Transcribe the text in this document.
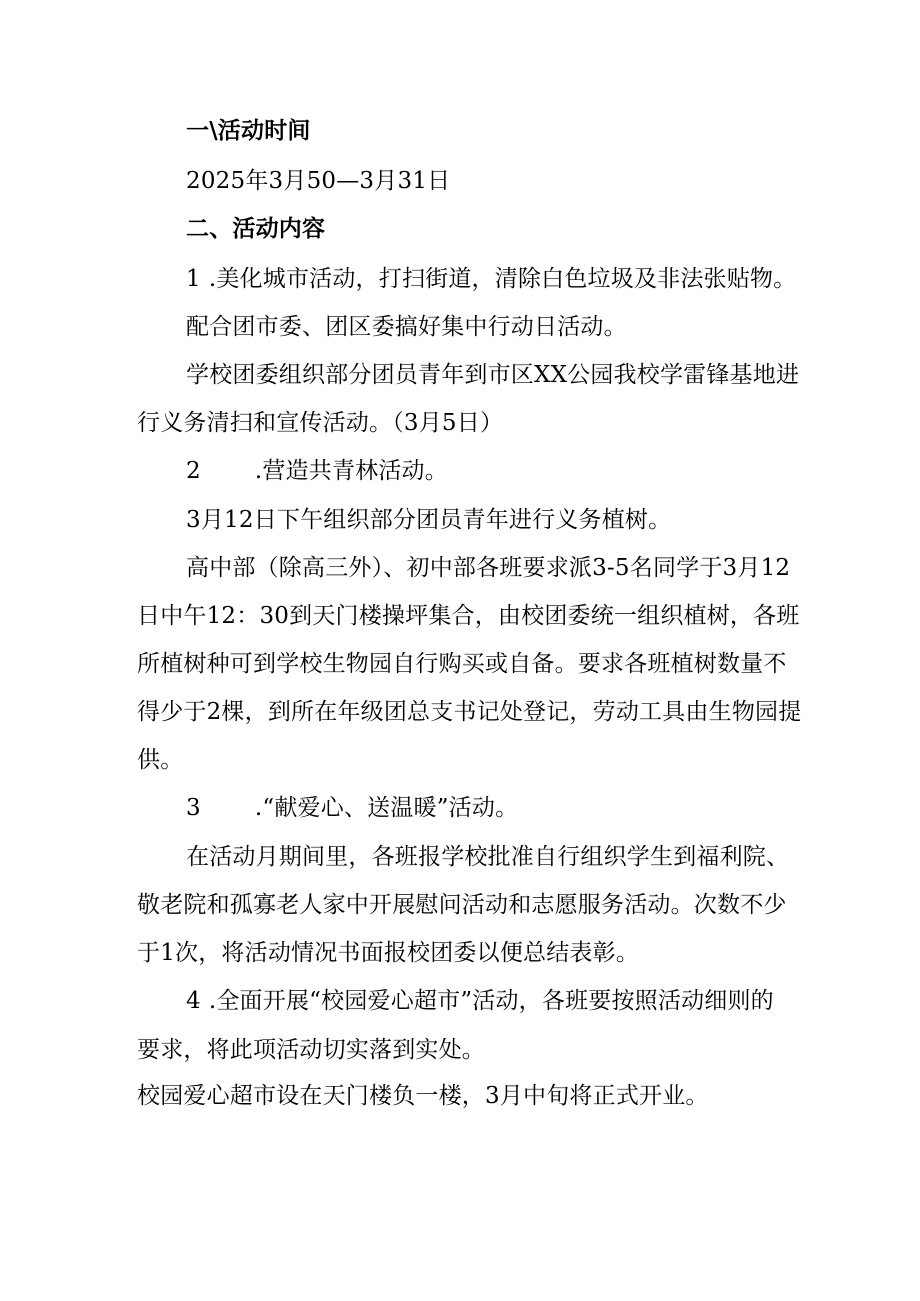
一\活动时间

2025年3月50—3月31日

二、活动内容

1 .美化城市活动，打扫街道，清除白色垃圾及非法张贴物。

配合团市委、团区委搞好集中行动日活动。

学校团委组织部分团员青年到市区XX公园我校学雷锋基地进

行义务清扫和宣传活动。（3月5日）

2 .营造共青林活动。

3月12日下午组织部分团员青年进行义务植树。

高中部（除高三外）、初中部各班要求派3-5名同学于3月12

日中午12：30到天门楼操坪集合，由校团委统一组织植树，各班

所植树种可到学校生物园自行购买或自备。要求各班植树数量不

得少于2棵，到所在年级团总支书记处登记，劳动工具由生物园提

供。

3 .“献爱心、送温暖”活动。

在活动月期间里，各班报学校批准自行组织学生到福利院、

敬老院和孤寡老人家中开展慰问活动和志愿服务活动。次数不少

于1次，将活动情况书面报校团委以便总结表彰。

4 .全面开展“校园爱心超市”活动，各班要按照活动细则的

要求，将此项活动切实落到实处。

校园爱心超市设在天门楼负一楼，3月中旬将正式开业。
